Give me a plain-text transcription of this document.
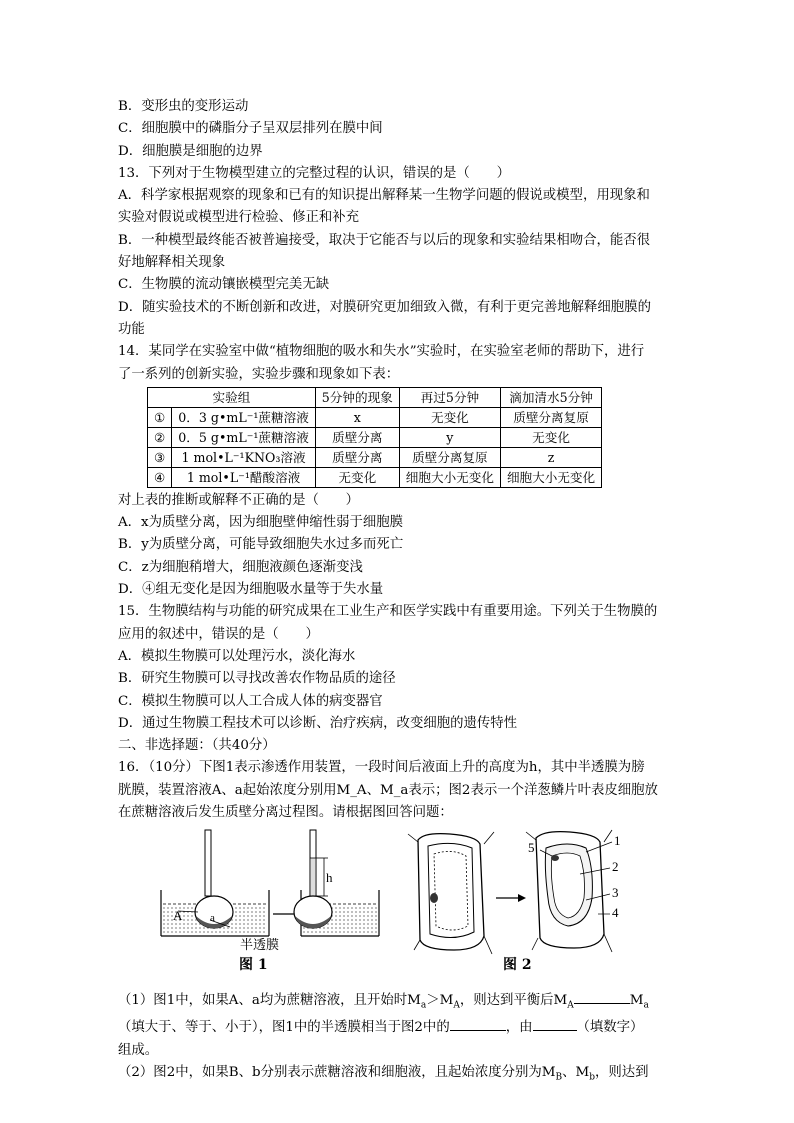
B．变形虫的变形运动
C．细胞膜中的磷脂分子呈双层排列在膜中间
D．细胞膜是细胞的边界
13．下列对于生物模型建立的完整过程的认识，错误的是（　　）
A．科学家根据观察的现象和已有的知识提出解释某一生物学问题的假说或模型，用现象和
实验对假说或模型进行检验、修正和补充
B．一种模型最终能否被普遍接受，取决于它能否与以后的现象和实验结果相吻合，能否很
好地解释相关现象
C．生物膜的流动镶嵌模型完美无缺
D．随实验技术的不断创新和改进，对膜研究更加细致入微，有利于更完善地解释细胞膜的
功能
14．某同学在实验室中做“植物细胞的吸水和失水”实验时，在实验室老师的帮助下，进行
了一系列的创新实验，实验步骤和现象如下表：
实验组		5分钟的现象	再过5分钟	滴加清水5分钟
①	0．3 g•mL⁻¹蔗糖溶液	x	无变化	质壁分离复原
②	0．5 g•mL⁻¹蔗糖溶液	质壁分离	y	无变化
③	1 mol•L⁻¹KNO₃溶液	质壁分离	质壁分离复原	z
④	1 mol•L⁻¹醋酸溶液	无变化	细胞大小无变化	细胞大小无变化
对上表的推断或解释不正确的是（　　）
A．x为质壁分离，因为细胞壁伸缩性弱于细胞膜
B．y为质壁分离，可能导致细胞失水过多而死亡
C．z为细胞稍增大，细胞液颜色逐渐变浅
D．④组无变化是因为细胞吸水量等于失水量
15．生物膜结构与功能的研究成果在工业生产和医学实践中有重要用途。下列关于生物膜的
应用的叙述中，错误的是（　　）
A．模拟生物膜可以处理污水，淡化海水
B．研究生物膜可以寻找改善农作物品质的途径
C．模拟生物膜可以人工合成人体的病变器官
D．通过生物膜工程技术可以诊断、治疗疾病，改变细胞的遗传特性
二、非选择题：（共40分）
16．（10分）下图1表示渗透作用装置，一段时间后液面上升的高度为h，其中半透膜为膀
胱膜，装置溶液A、a起始浓度分别用M_A、M_a表示；图2表示一个洋葱鳞片叶表皮细胞放
在蔗糖溶液后发生质壁分离过程图。请根据图回答问题：
A	a
h
半透膜
1
2
3
4
5
图 1	图 2
（1）图1中，如果A、a均为蔗糖溶液，且开始时$M_a>M_A$，则达到平衡后$M_A$	$M_a$
（填大于、等于、小于），图1中的半透膜相当于图2中的	，由	（填数字）
组成。
（2）图2中，如果B、b分别表示蔗糖溶液和细胞液，且起始浓度分别为$M_B$、$M_b$，则达到
